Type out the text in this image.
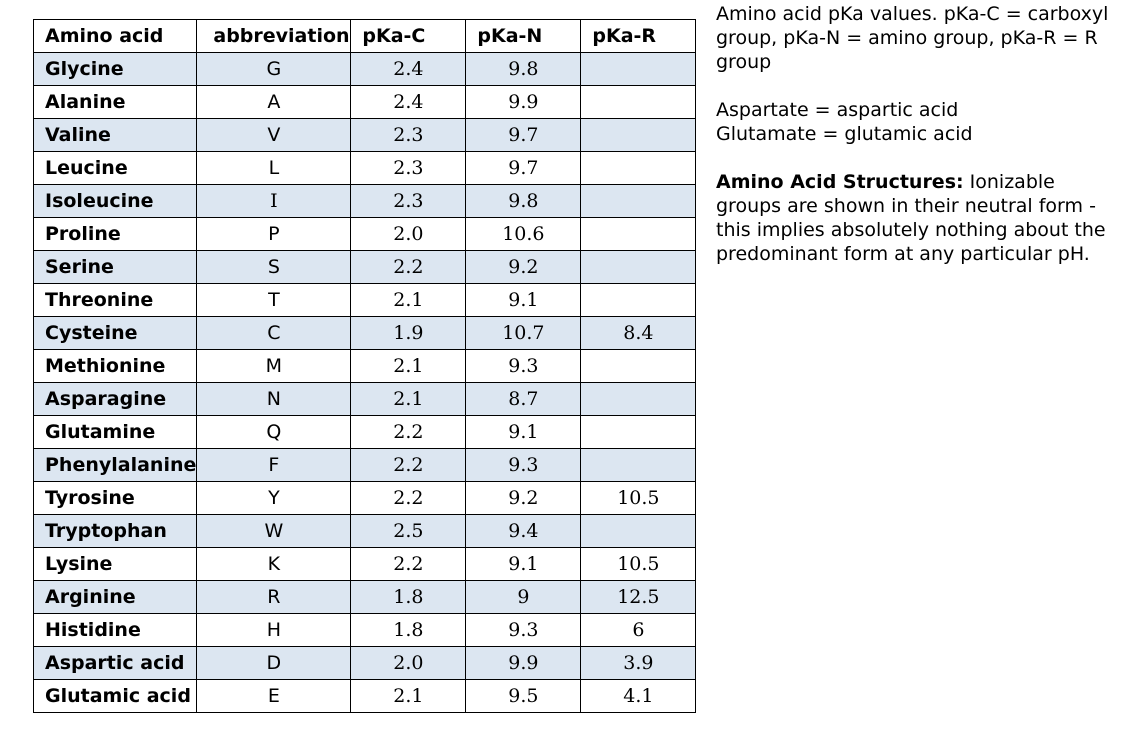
Amino acid	abbreviation	pKa-C	pKa-N	pKa-R
Glycine	G	2.4	9.8	
Alanine	A	2.4	9.9	
Valine	V	2.3	9.7	
Leucine	L	2.3	9.7	
Isoleucine	I	2.3	9.8	
Proline	P	2.0	10.6	
Serine	S	2.2	9.2	
Threonine	T	2.1	9.1	
Cysteine	C	1.9	10.7	8.4
Methionine	M	2.1	9.3	
Asparagine	N	2.1	8.7	
Glutamine	Q	2.2	9.1	
Phenylalanine	F	2.2	9.3	
Tyrosine	Y	2.2	9.2	10.5
Tryptophan	W	2.5	9.4	
Lysine	K	2.2	9.1	10.5
Arginine	R	1.8	9	12.5
Histidine	H	1.8	9.3	6
Aspartic acid	D	2.0	9.9	3.9
Glutamic acid	E	2.1	9.5	4.1

Amino acid pKa values. pKa-C = carboxyl group, pKa-N = amino group, pKa-R = R group

Aspartate = aspartic acid

Glutamate = glutamic acid

Amino Acid Structures: Ionizable groups are shown in their neutral form - this implies absolutely nothing about the predominant form at any particular pH.
